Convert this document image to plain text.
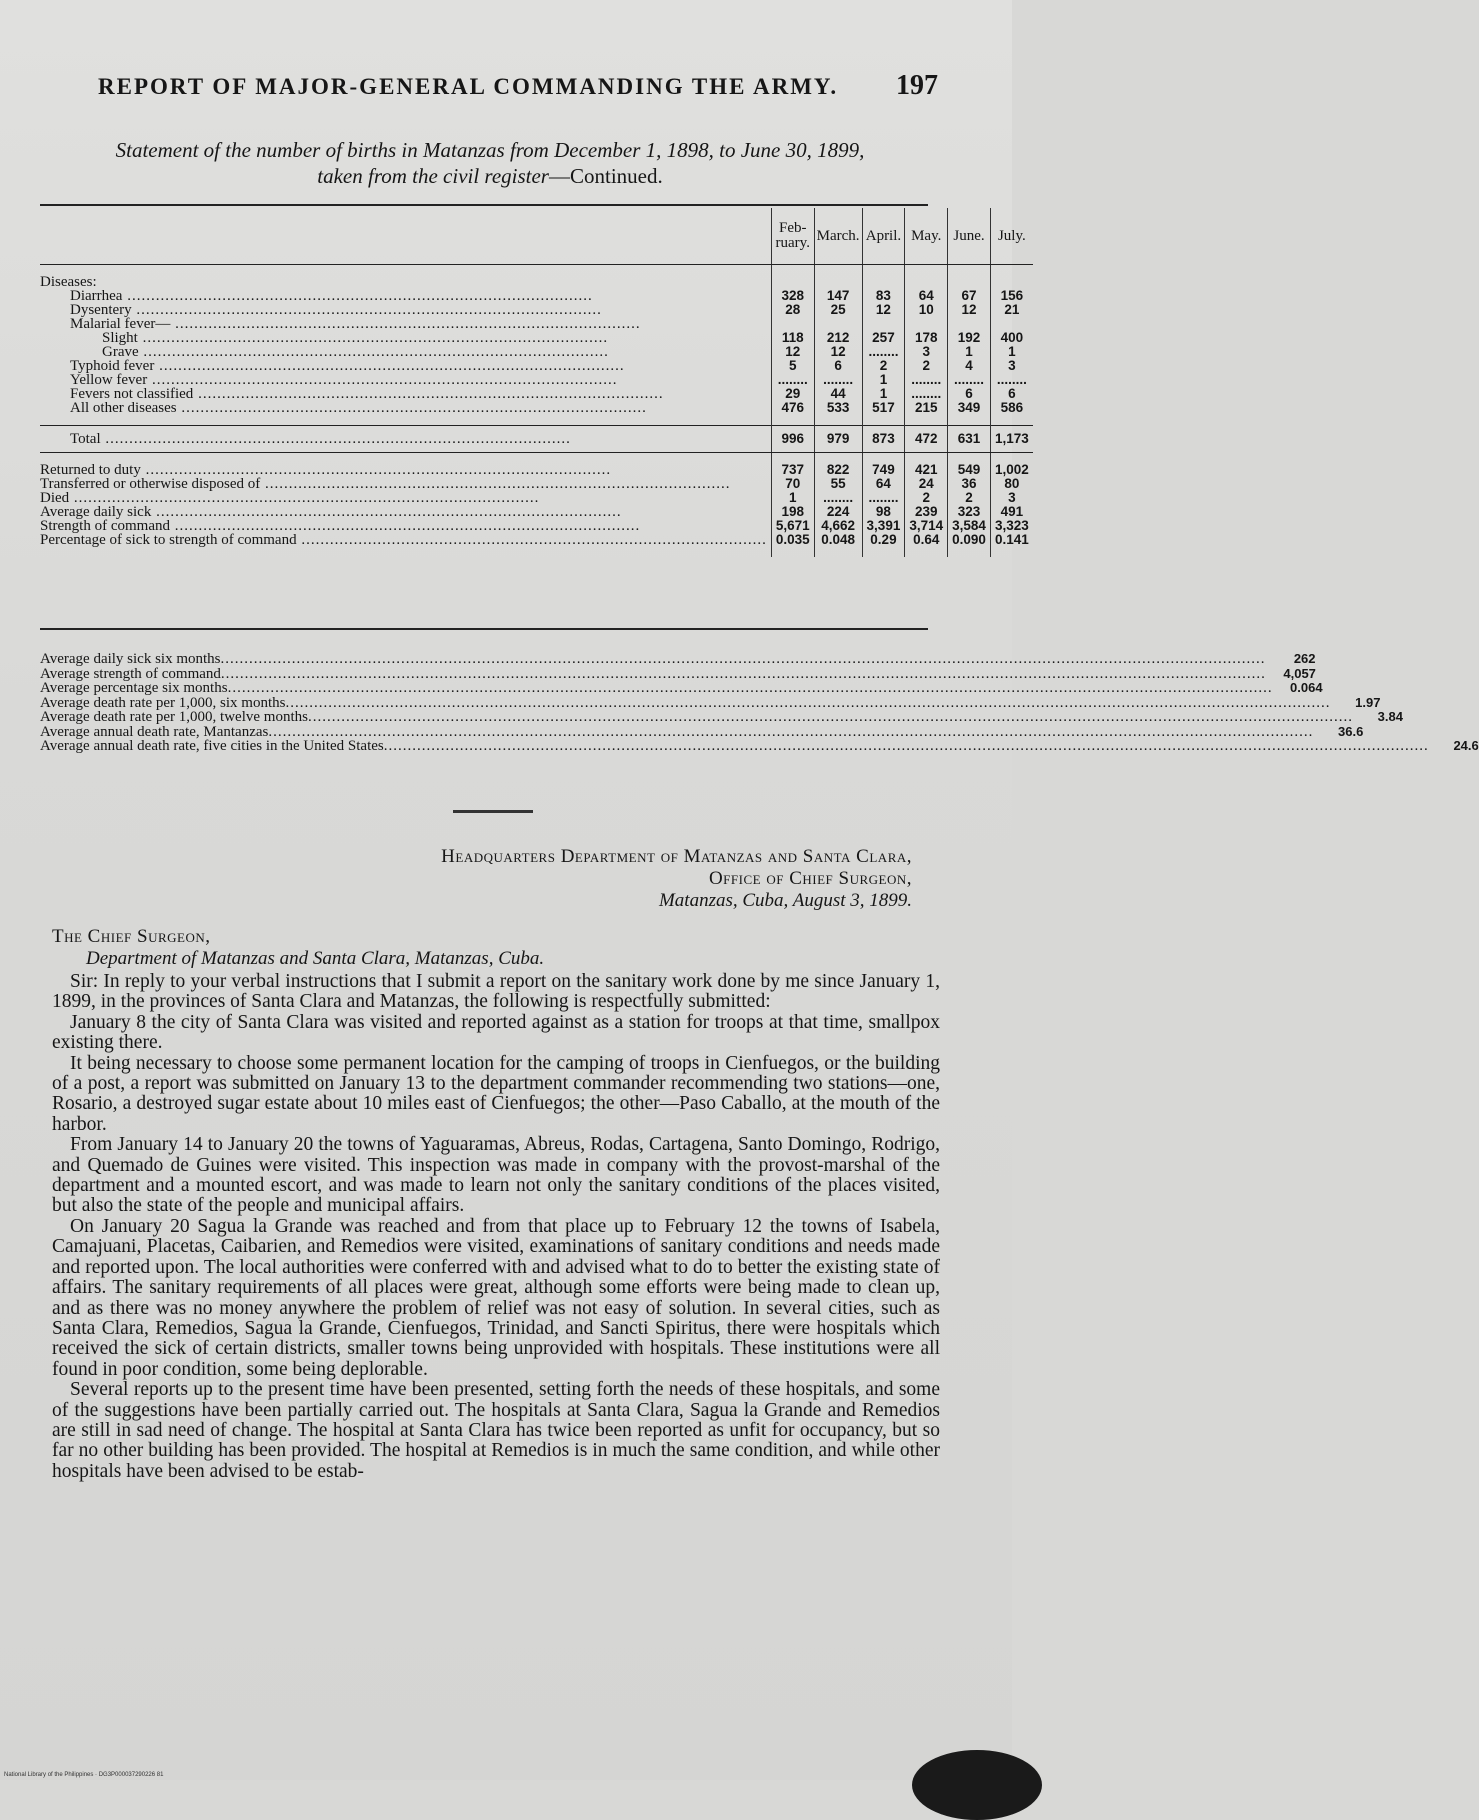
REPORT OF MAJOR-GENERAL COMMANDING THE ARMY. 197
Statement of the number of births in Matanzas from December 1, 1898, to June 30, 1899,
taken from the civil register—Continued.
	Feb-ruary.	March.	April.	May.	June.	July.

Diseases:						
Diarrhea ..................................................................................................	328	147	83	64	67	156
Dysentery ..................................................................................................	28	25	12	10	12	21
Malarial fever— ..................................................................................................						
Slight ..................................................................................................	118	212	257	178	192	400
Grave ..................................................................................................	12	12	........	3	1	1
Typhoid fever ..................................................................................................	5	6	2	2	4	3
Yellow fever ..................................................................................................	........	........	1	........	........	........
Fevers not classified ..................................................................................................	29	44	1	........	6	6
All other diseases ..................................................................................................	476	533	517	215	349	586

Total ..................................................................................................	996	979	873	472	631	1,173

Returned to duty ..................................................................................................	737	822	749	421	549	1,002
Transferred or otherwise disposed of ..................................................................................................	70	55	64	24	36	80
Died ..................................................................................................	1	........	........	2	2	3
Average daily sick ..................................................................................................	198	224	98	239	323	491
Strength of command ..................................................................................................	5,671	4,662	3,391	3,714	3,584	3,323
Percentage of sick to strength of command ..................................................................................................	0.035	0.048	0.29	0.64	0.090	0.141

Average daily sick six months ............................................................................................................................................................................................................................	262
Average strength of command ............................................................................................................................................................................................................................	4,057
Average percentage six months ............................................................................................................................................................................................................................	0.064
Average death rate per 1,000, six months ............................................................................................................................................................................................................................	1.97
Average death rate per 1,000, twelve months ............................................................................................................................................................................................................................	3.84
Average annual death rate, Mantanzas ............................................................................................................................................................................................................................	36.6
Average annual death rate, five cities in the United States ............................................................................................................................................................................................................................	24.6
Headquarters Department of Matanzas and Santa Clara,
Office of Chief Surgeon,
Matanzas, Cuba, August 3, 1899.
The Chief Surgeon,
Department of Matanzas and Santa Clara, Matanzas, Cuba.

Sir: In reply to your verbal instructions that I submit a report on the sanitary work done by me since January 1, 1899, in the provinces of Santa Clara and Matanzas, the following is respectfully submitted:

January 8 the city of Santa Clara was visited and reported against as a station for troops at that time, smallpox existing there.

It being necessary to choose some permanent location for the camping of troops in Cienfuegos, or the building of a post, a report was submitted on January 13 to the department commander recommending two stations—one, Rosario, a destroyed sugar estate about 10 miles east of Cienfuegos; the other—Paso Caballo, at the mouth of the harbor.

From January 14 to January 20 the towns of Yaguaramas, Abreus, Rodas, Cartagena, Santo Domingo, Rodrigo, and Quemado de Guines were visited. This inspection was made in company with the provost-marshal of the department and a mounted escort, and was made to learn not only the sanitary conditions of the places visited, but also the state of the people and municipal affairs.

On January 20 Sagua la Grande was reached and from that place up to February 12 the towns of Isabela, Camajuani, Placetas, Caibarien, and Remedios were visited, examinations of sanitary conditions and needs made and reported upon. The local authorities were conferred with and advised what to do to better the existing state of affairs. The sanitary requirements of all places were great, although some efforts were being made to clean up, and as there was no money anywhere the problem of relief was not easy of solution. In several cities, such as Santa Clara, Remedios, Sagua la Grande, Cienfuegos, Trinidad, and Sancti Spiritus, there were hospitals which received the sick of certain districts, smaller towns being unprovided with hospitals. These institutions were all found in poor condition, some being deplorable.

Several reports up to the present time have been presented, setting forth the needs of these hospitals, and some of the suggestions have been partially carried out. The hospitals at Santa Clara, Sagua la Grande and Remedios are still in sad need of change. The hospital at Santa Clara has twice been reported as unfit for occupancy, but so far no other building has been provided. The hospital at Remedios is in much the same condition, and while other hospitals have been advised to be estab-

National Library of the Philippines · DG3P000037290226 81
